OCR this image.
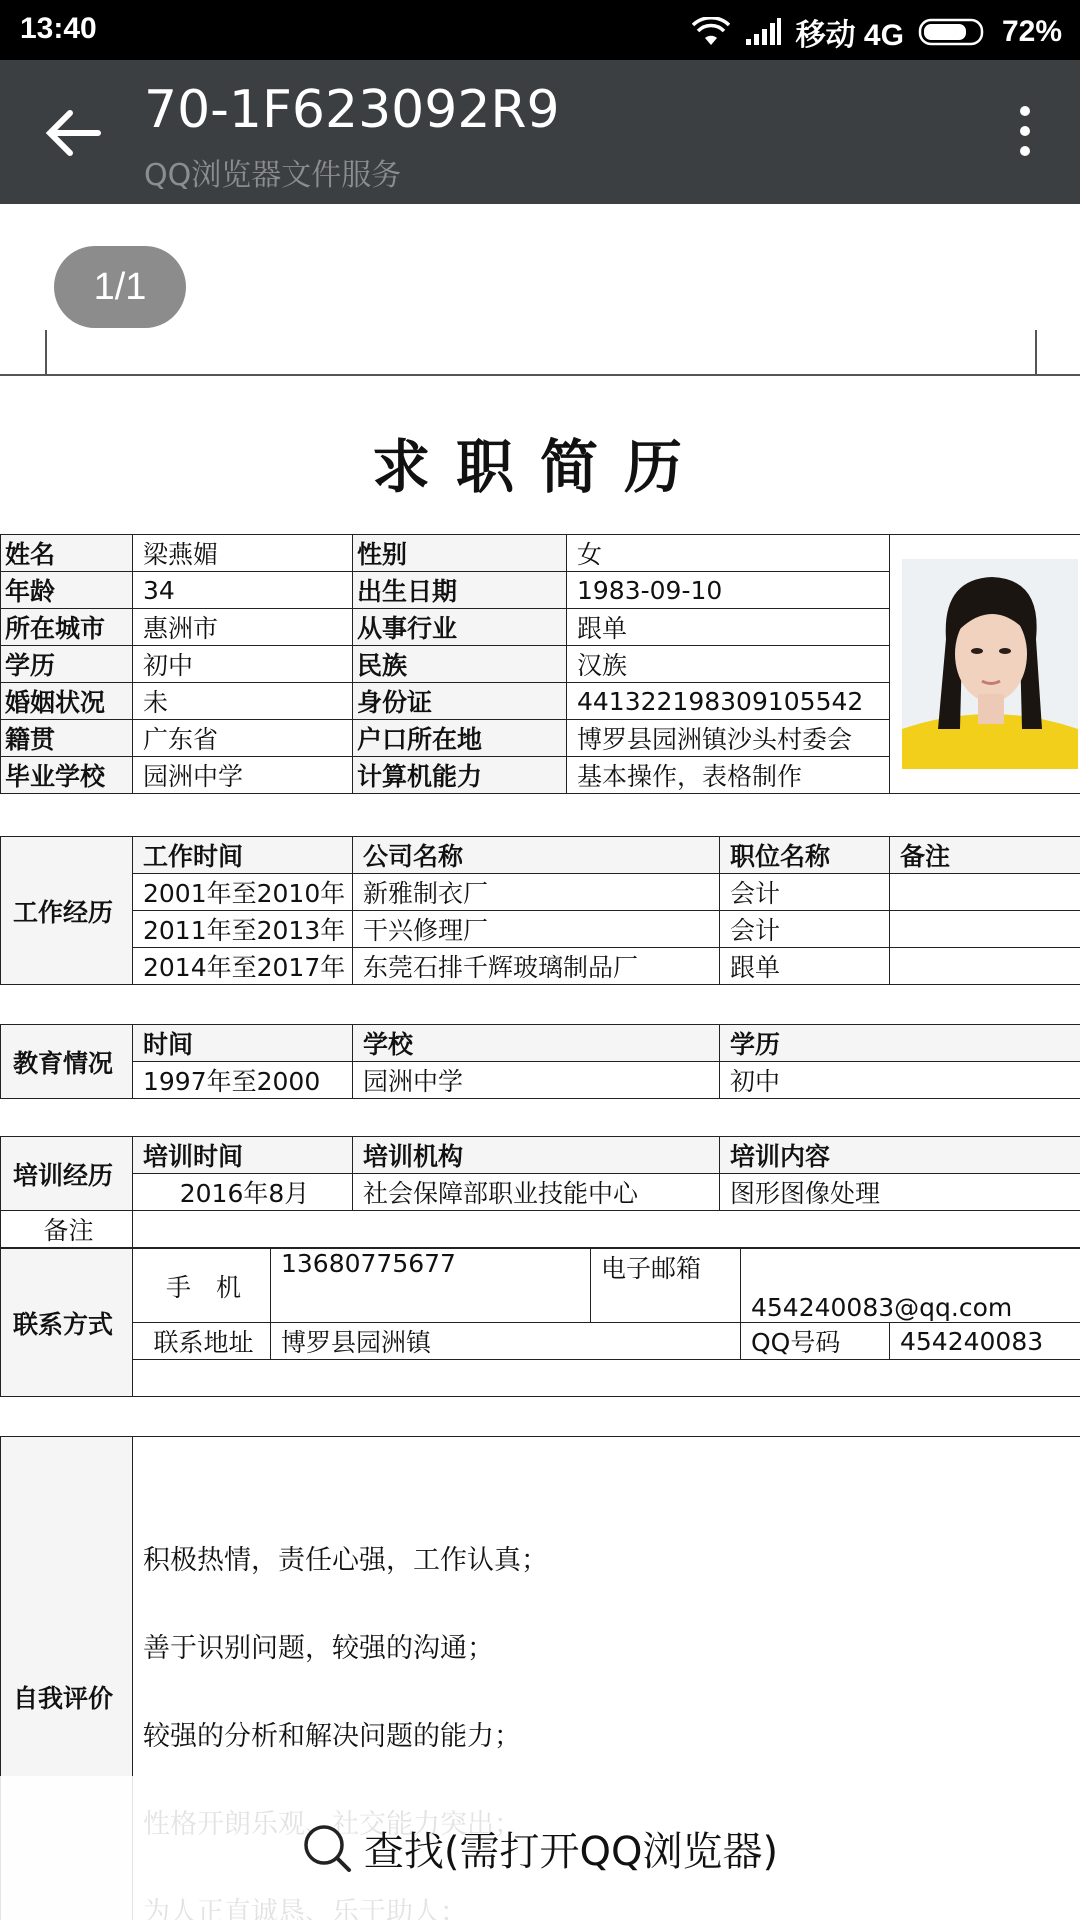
13:40	移动 4G	72%
70-1F623092R9
QQ浏览器文件服务
1/1
求职简历
姓名	梁燕媚	性别	女	

年龄	34	出生日期	1983-09-10	
所在城市	惠洲市	从事行业	跟单	
学历	初中	民族	汉族	
婚姻状况	未	身份证	441322198309105542	
籍贯	广东省	户口所在地	博罗县园洲镇沙头村委会	
毕业学校	园洲中学	计算机能力	基本操作，表格制作	
工作经历	工作时间	公司名称	职位名称	备注
	2001年至2010年	新雅制衣厂	会计	
	2011年至2013年	干兴修理厂	会计	
	2014年至2017年	东莞石排千辉玻璃制品厂	跟单	
教育情况	时间	学校	学历
	1997年至2000	园洲中学	初中
培训经历	培训时间	培训机构	培训内容
	2016年8月	社会保障部职业技能中心	图形图像处理
备注			
联系方式	手　机	13680775677	电子邮箱	454240083@qq.com	
	联系地址	博罗县园洲镇		QQ号码	454240083

自我评价	
积极热情，责任心强，工作认真；
善于识别问题，较强的沟通；
较强的分析和解决问题的能力；
查找(需打开QQ浏览器)
